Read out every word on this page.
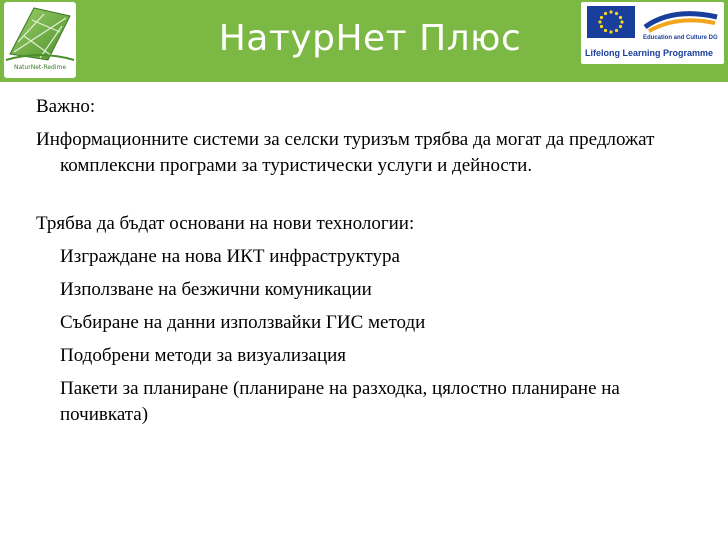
NaturNet-Redime
НатурНет Плюс	Education and Culture DG
Lifelong Learning Programme

Важно:

Информационните системи за селски туризъм трябва да могат да предложат комплексни програми за туристически услуги и дейности.

Трябва да бъдат основани на нови технологии:

Изграждане на нова ИКТ инфраструктура

Използване на безжични комуникации

Събиране на данни използвайки ГИС методи

Подобрени методи за визуализация

Пакети за планиране (планиране на разходка, цялостно планиране на почивката)
